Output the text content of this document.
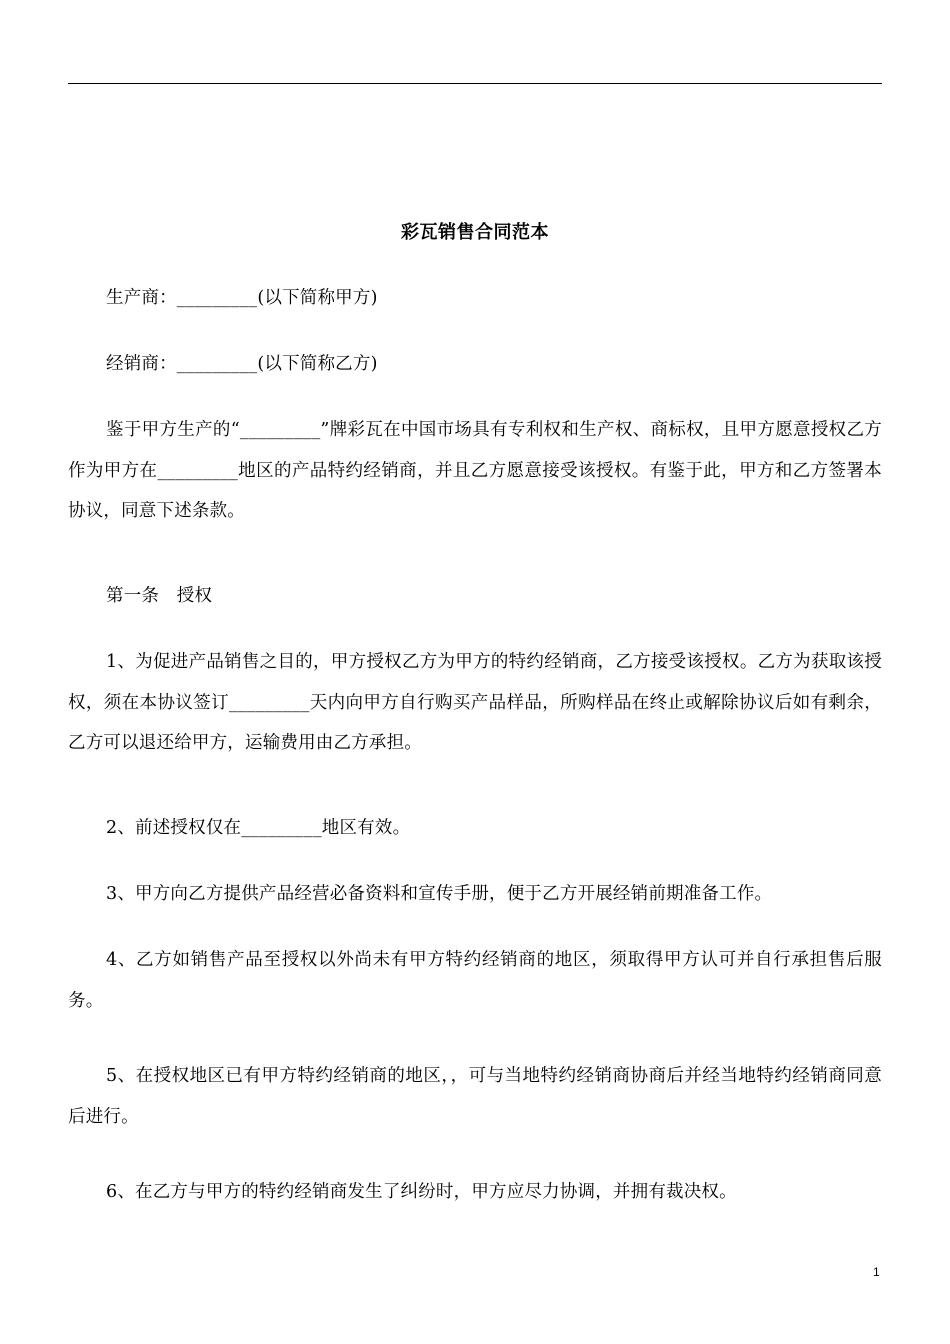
彩瓦销售合同范本

生产商：_________(以下简称甲方)

经销商：_________(以下简称乙方)

鉴于甲方生产的“_________”牌彩瓦在中国市场具有专利权和生产权、商标权，且甲方愿意授权乙方作为甲方在_________地区的产品特约经销商，并且乙方愿意接受该授权。有鉴于此，甲方和乙方签署本协议，同意下述条款。

第一条　授权

1、为促进产品销售之目的，甲方授权乙方为甲方的特约经销商，乙方接受该授权。乙方为获取该授权，须在本协议签订_________天内向甲方自行购买产品样品，所购样品在终止或解除协议后如有剩余，乙方可以退还给甲方，运输费用由乙方承担。

2、前述授权仅在_________地区有效。

3、甲方向乙方提供产品经营必备资料和宣传手册，便于乙方开展经销前期准备工作。

4、乙方如销售产品至授权以外尚未有甲方特约经销商的地区，须取得甲方认可并自行承担售后服务。

5、在授权地区已有甲方特约经销商的地区，，可与当地特约经销商协商后并经当地特约经销商同意后进行。

6、在乙方与甲方的特约经销商发生了纠纷时，甲方应尽力协调，并拥有裁决权。

1
